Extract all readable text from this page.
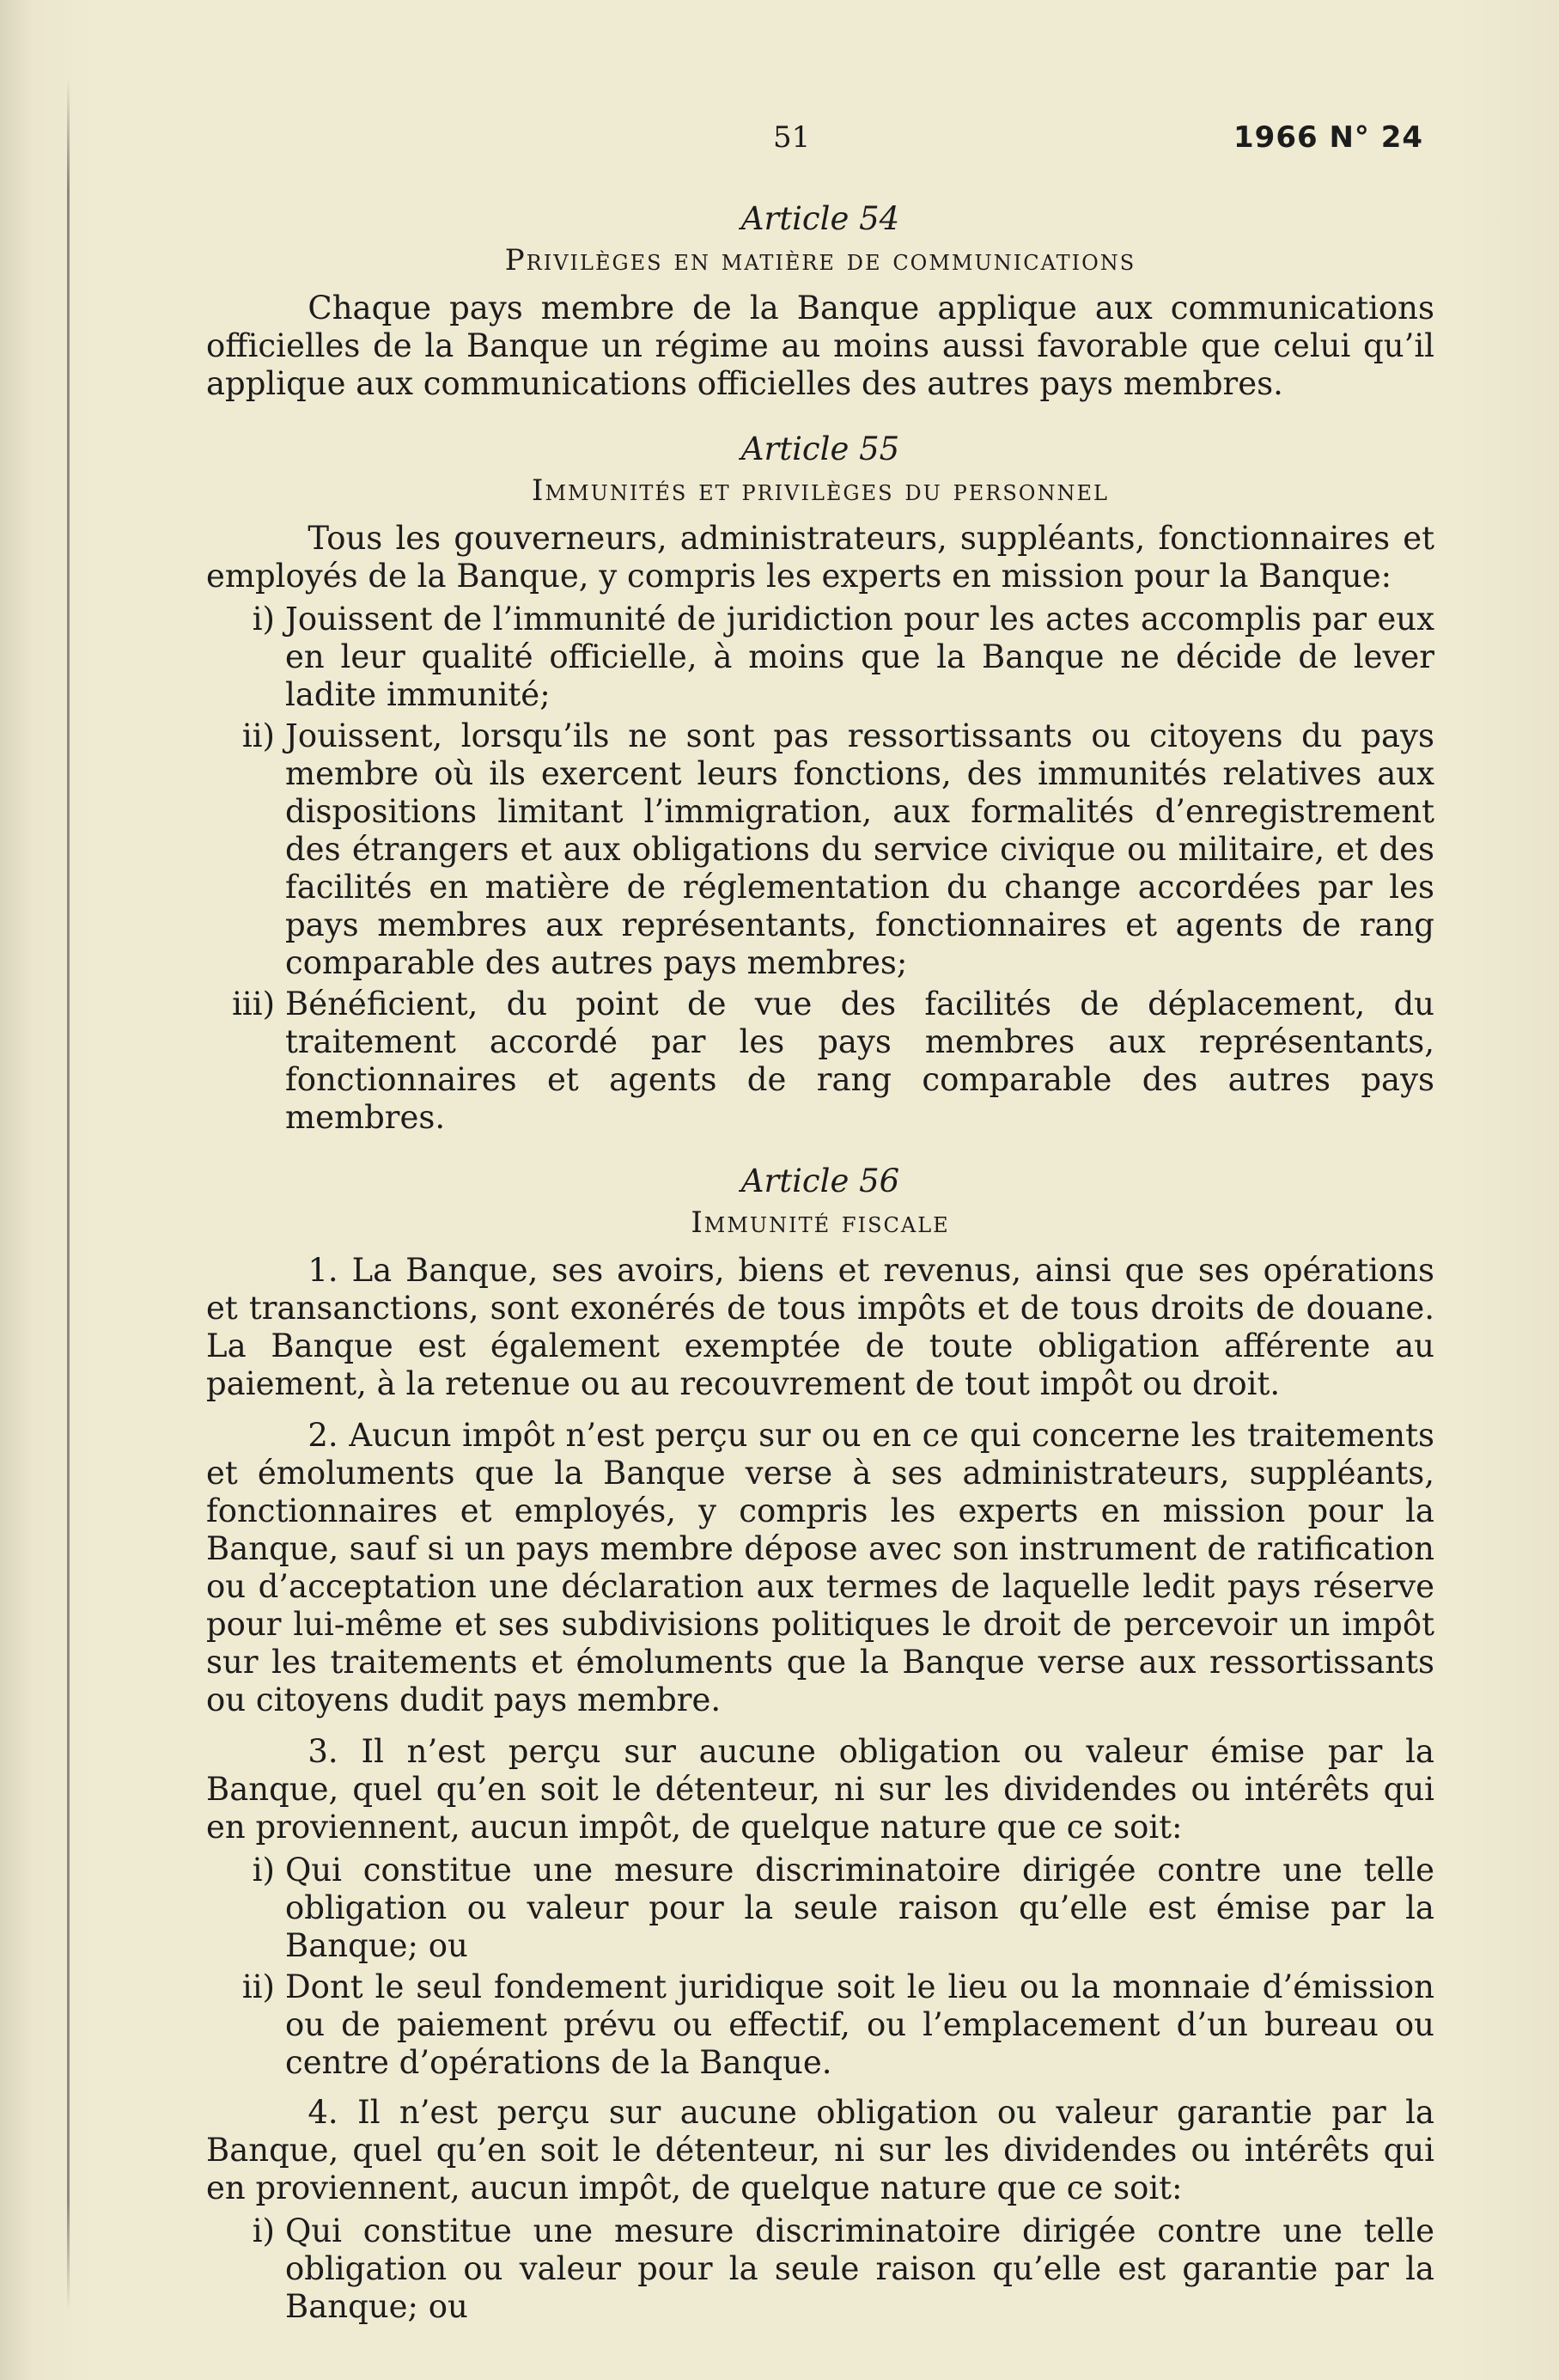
51	1966 N° 24
Article 54
Privilèges en matière de communications

Chaque pays membre de la Banque applique aux communications officielles de la Banque un régime au moins aussi favorable que celui qu’il applique aux communications officielles des autres pays membres.

Article 55
Immunités et privilèges du personnel

Tous les gouverneurs, administrateurs, suppléants, fonctionnaires et employés de la Banque, y compris les experts en mission pour la Banque:

i) Jouissent de l’immunité de juridiction pour les actes accomplis par eux en leur qualité officielle, à moins que la Banque ne décide de lever ladite immunité;
ii) Jouissent, lorsqu’ils ne sont pas ressortissants ou citoyens du pays membre où ils exercent leurs fonctions, des immunités relatives aux dispositions limitant l’immigration, aux formalités d’enregistrement des étrangers et aux obligations du service civique ou militaire, et des facilités en matière de réglementation du change accordées par les pays membres aux représentants, fonctionnaires et agents de rang comparable des autres pays membres;
iii) Bénéficient, du point de vue des facilités de déplacement, du traitement accordé par les pays membres aux représentants, fonctionnaires et agents de rang comparable des autres pays membres.
Article 56
Immunité fiscale

1. La Banque, ses avoirs, biens et revenus, ainsi que ses opérations et transanctions, sont exonérés de tous impôts et de tous droits de douane. La Banque est également exemptée de toute obligation afférente au paiement, à la retenue ou au recouvrement de tout impôt ou droit.

2. Aucun impôt n’est perçu sur ou en ce qui concerne les traitements et émoluments que la Banque verse à ses administrateurs, suppléants, fonctionnaires et employés, y compris les experts en mission pour la Banque, sauf si un pays membre dépose avec son instrument de ratification ou d’acceptation une déclaration aux termes de laquelle ledit pays réserve pour lui-même et ses subdivisions politiques le droit de percevoir un impôt sur les traitements et émoluments que la Banque verse aux ressortissants ou citoyens dudit pays membre.

3. Il n’est perçu sur aucune obligation ou valeur émise par la Banque, quel qu’en soit le détenteur, ni sur les dividendes ou intérêts qui en proviennent, aucun impôt, de quelque nature que ce soit:

i) Qui constitue une mesure discriminatoire dirigée contre une telle obligation ou valeur pour la seule raison qu’elle est émise par la Banque; ou
ii) Dont le seul fondement juridique soit le lieu ou la monnaie d’émission ou de paiement prévu ou effectif, ou l’emplacement d’un bureau ou centre d’opérations de la Banque.

4. Il n’est perçu sur aucune obligation ou valeur garantie par la Banque, quel qu’en soit le détenteur, ni sur les dividendes ou intérêts qui en proviennent, aucun impôt, de quelque nature que ce soit:

i) Qui constitue une mesure discriminatoire dirigée contre une telle obligation ou valeur pour la seule raison qu’elle est garantie par la Banque; ou
